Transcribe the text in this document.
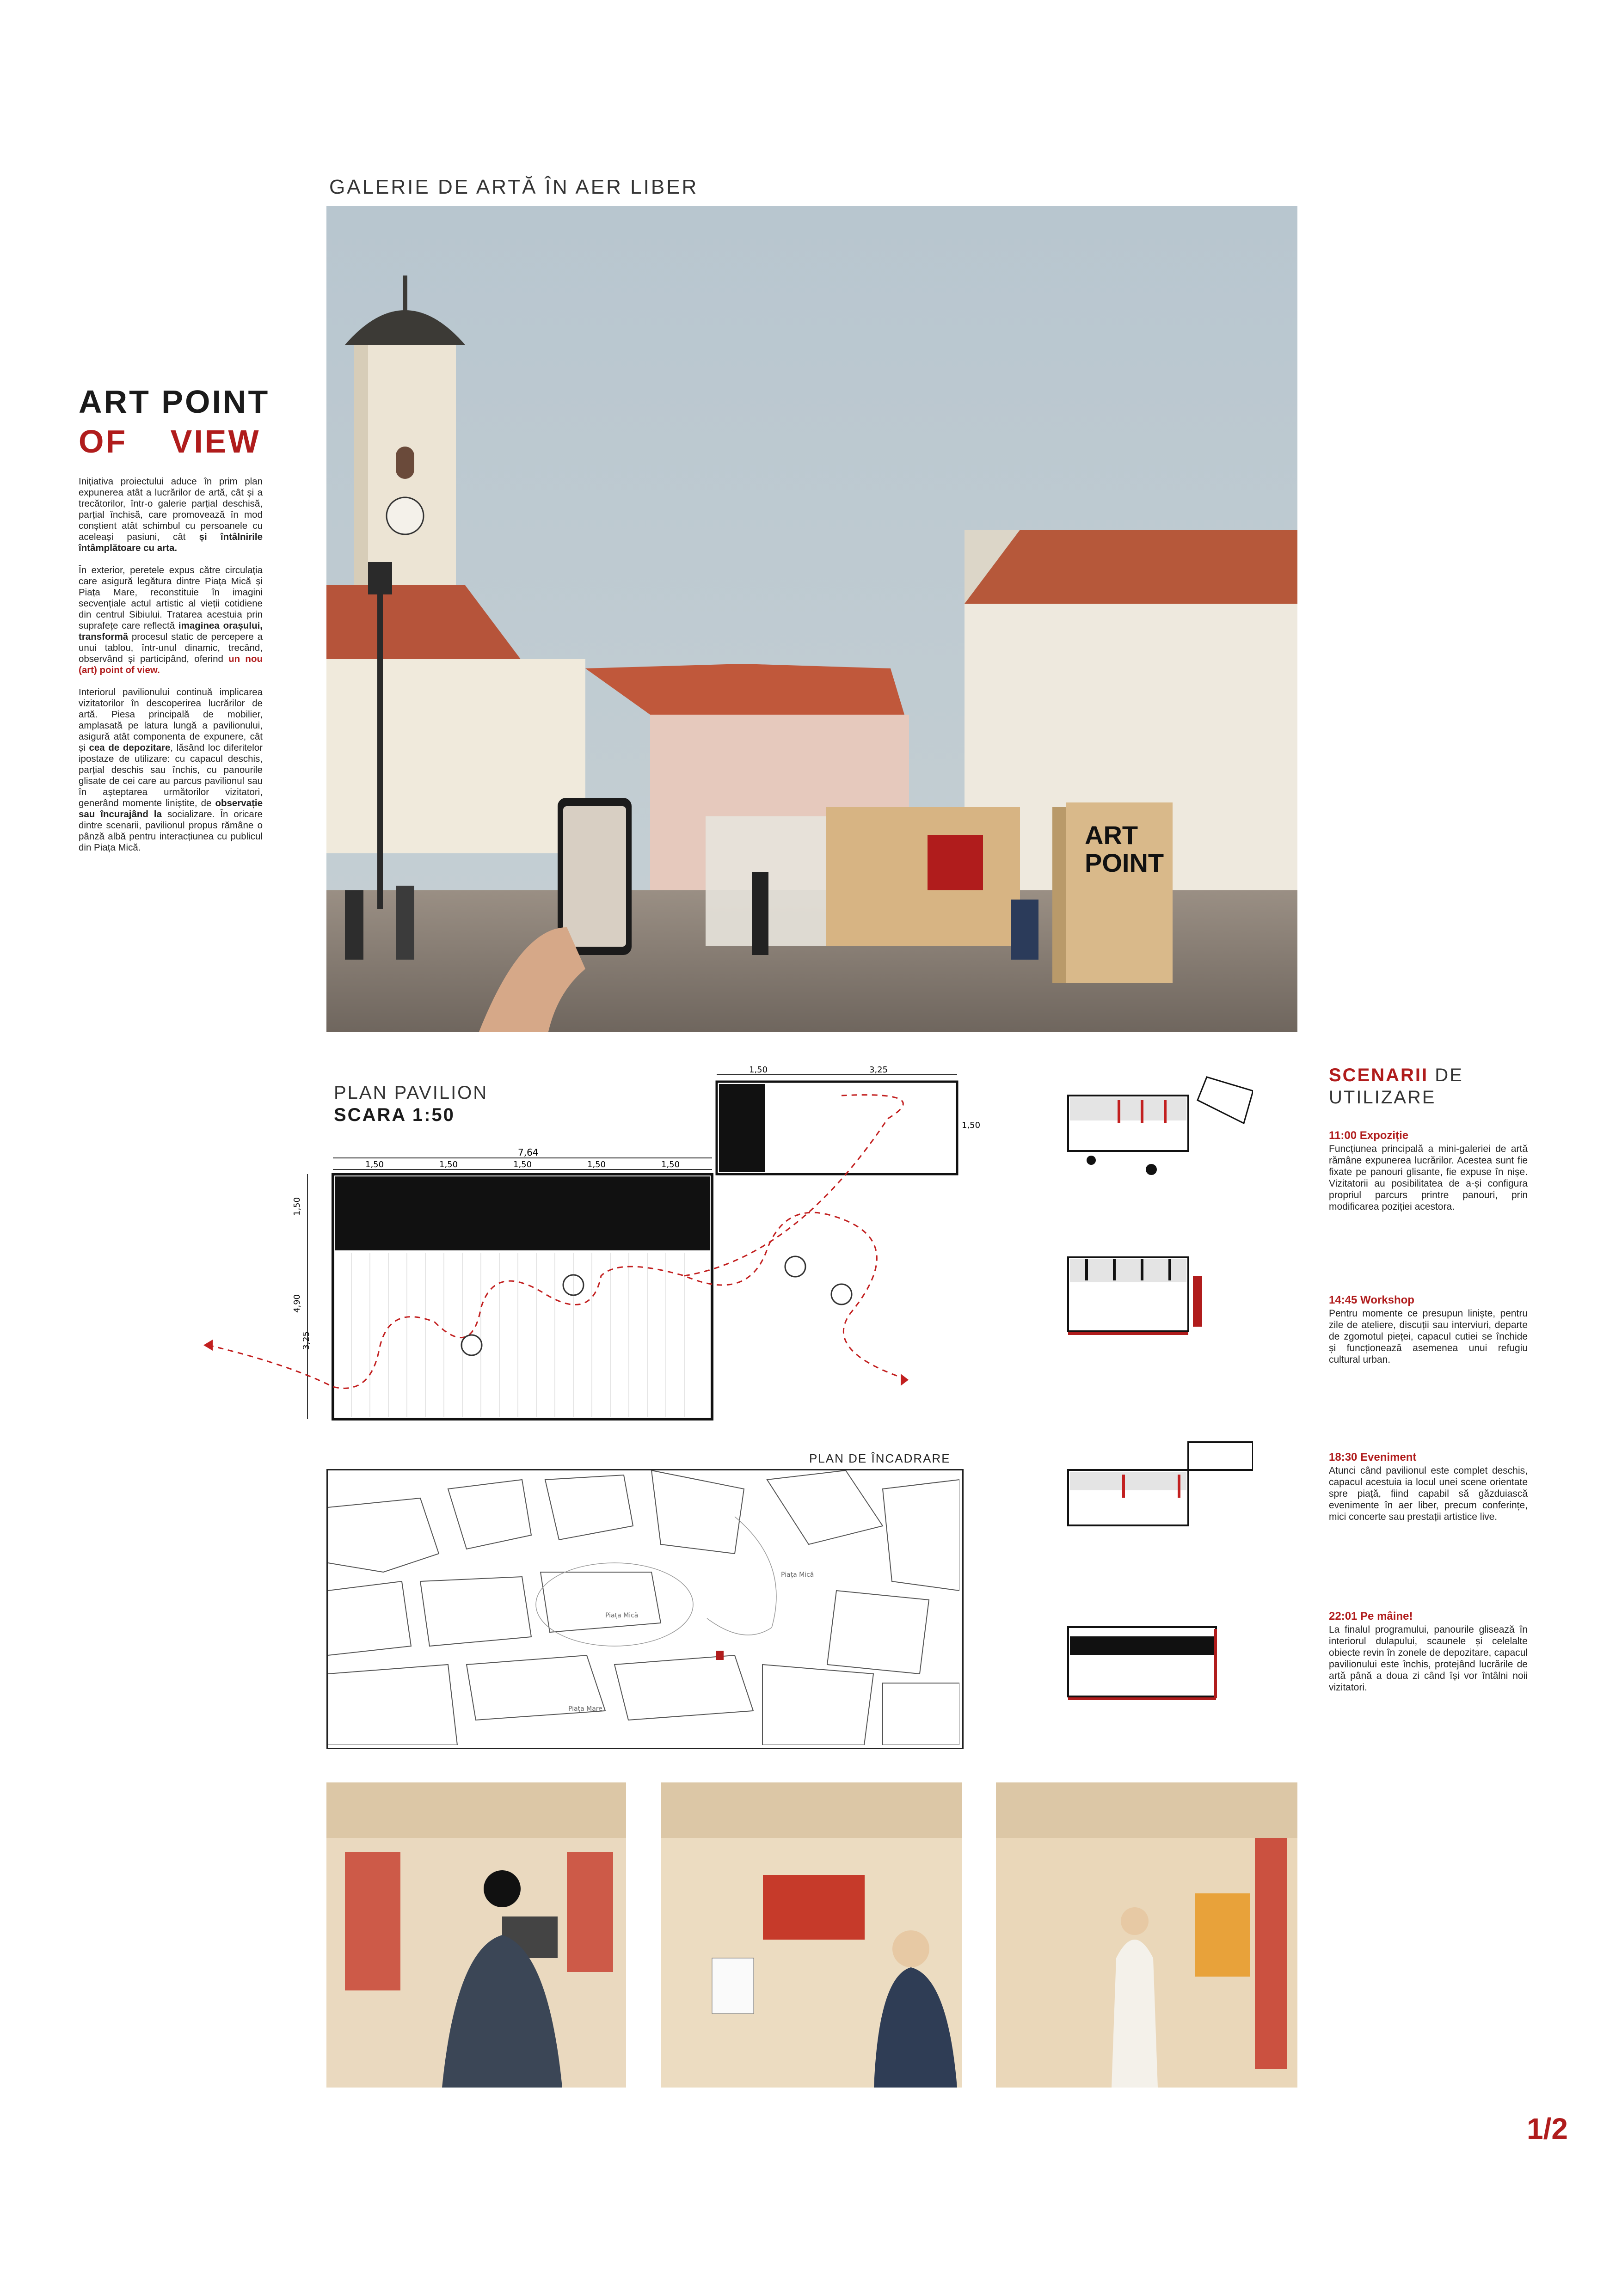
GALERIE DE ARTĂ ÎN AER LIBER
ART
POINT
ART POINT
OF VIEW

Inițiativa proiectului aduce în prim plan expunerea atât a lucrărilor de artă, cât și a trecătorilor, într-o galerie parțial deschisă, parțial închisă, care promovează în mod conștient atât schimbul cu persoanele cu aceleași pasiuni, cât și întâlnirile întâmplătoare cu arta.

În exterior, peretele expus către circulația care asigură legătura dintre Piața Mică și Piața Mare, reconstituie în imagini secvențiale actul artistic al vieții cotidiene din centrul Sibiului. Tratarea acestuia prin suprafețe care reflectă imaginea orașului, transformă procesul static de percepere a unui tablou, într-unul dinamic, trecând, observând și participând, oferind un nou (art) point of view.

Interiorul pavilionului continuă implicarea vizitatorilor în descoperirea lucrărilor de artă. Piesa principală de mobilier, amplasată pe latura lungă a pavilionului, asigură atât componenta de expunere, cât și cea de depozitare, lăsând loc diferitelor ipostaze de utilizare: cu capacul deschis, parțial deschis sau închis, cu panourile glisate de cei care au parcus pavilionul sau în așteptarea următorilor vizitatori, generând momente liniștite, de observație sau încurajând la socializare. În oricare dintre scenarii, pavilionul propus rămâne o pânză albă pentru interacțiunea cu publicul din Piața Mică.

PLAN PAVILION
SCARA 1:50
7,64
1,50	1,50	1,50	1,50	1,50
1,50	3,25
1,50
1,50
4,90
3,25
PLAN DE ÎNCADRARE
Piața Mică
Piața Mică
Piața Mare
SCENARII DE
UTILIZARE
11:00 Expoziție
Funcțiunea principală a mini-galeriei de artă rămâne expunerea lucrărilor. Acestea sunt fie fixate pe panouri glisante, fie expuse în nișe. Vizitatorii au posibilitatea de a-și configura propriul parcurs printre panouri, prin modificarea poziției acestora.
14:45 Workshop
Pentru momente ce presupun liniște, pentru zile de ateliere, discuții sau interviuri, departe de zgomotul pieței, capacul cutiei se închide și funcționează asemenea unui refugiu cultural urban.
18:30 Eveniment
Atunci când pavilionul este complet deschis, capacul acestuia ia locul unei scene orientate spre piață, fiind capabil să găzduiască evenimente în aer liber, precum conferințe, mici concerte sau prestații artistice live.
22:01 Pe mâine!
La finalul programului, panourile glisează în interiorul dulapului, scaunele și celelalte obiecte revin în zonele de depozitare, capacul pavilionului este închis, protejând lucrările de artă până a doua zi când își vor întâlni noii vizitatori.
1/2
